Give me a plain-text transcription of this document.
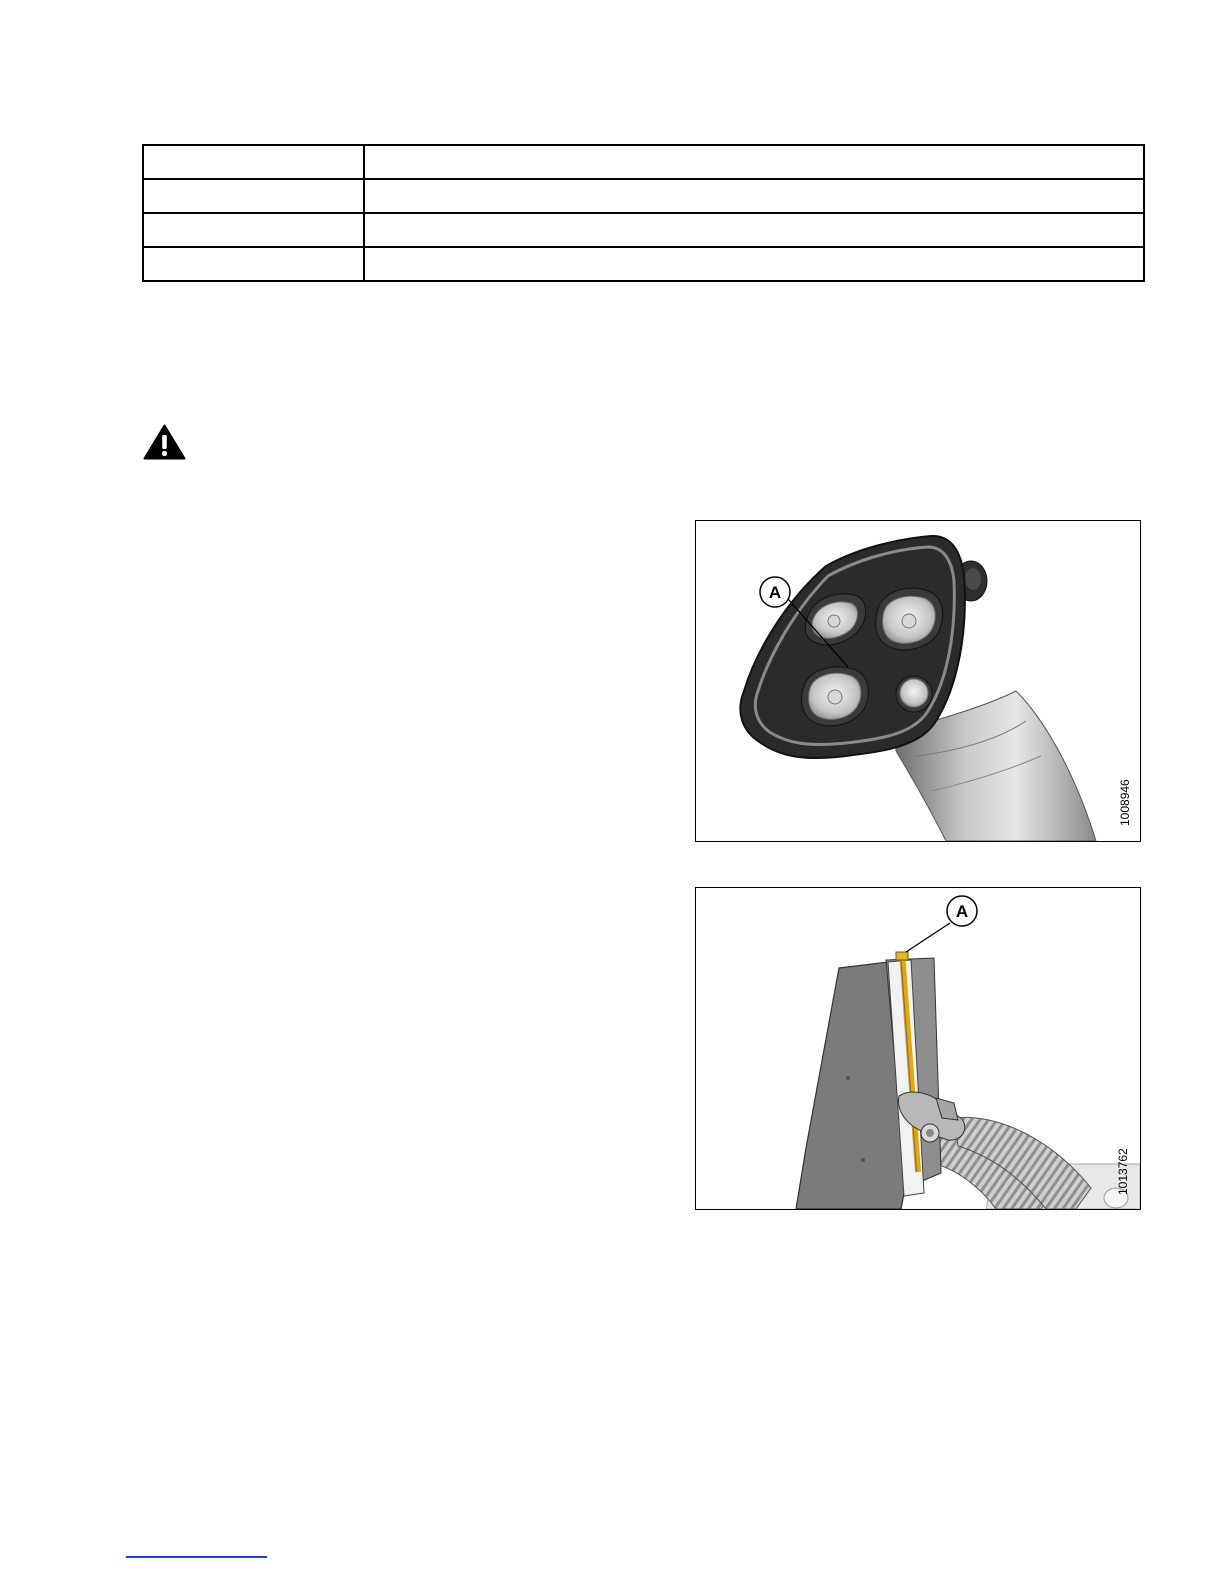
A
1008946
A
1013762
